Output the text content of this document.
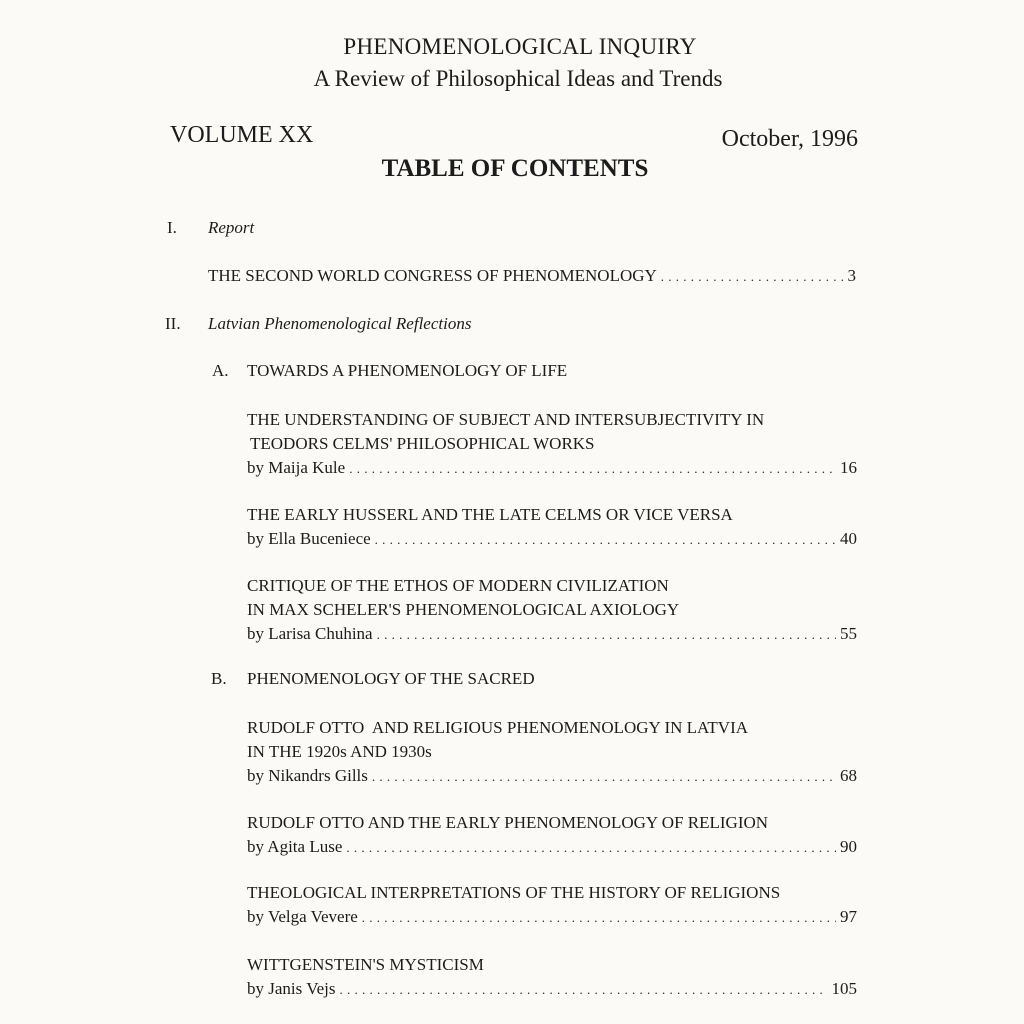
PHENOMENOLOGICAL INQUIRY
A Review of Philosophical Ideas and Trends
VOLUME XX	October, 1996
TABLE OF CONTENTS
I. Report
THE SECOND WORLD CONGRESS OF PHENOMENOLOGY . . .	3
II. Latvian Phenomenological Reflections
A. TOWARDS A PHENOMENOLOGY OF LIFE
THE UNDERSTANDING OF SUBJECT AND INTERSUBJECTIVITY IN
TEODORS CELMS' PHILOSOPHICAL WORKS
by Maija Kule . . .	16
THE EARLY HUSSERL AND THE LATE CELMS OR VICE VERSA
by Ella Buceniece . . .	40
CRITIQUE OF THE ETHOS OF MODERN CIVILIZATION
IN MAX SCHELER'S PHENOMENOLOGICAL AXIOLOGY
by Larisa Chuhina . . .	55
B. PHENOMENOLOGY OF THE SACRED
RUDOLF OTTO  AND RELIGIOUS PHENOMENOLOGY IN LATVIA
IN THE 1920s AND 1930s
by Nikandrs Gills . . .	68
RUDOLF OTTO AND THE EARLY PHENOMENOLOGY OF RELIGION
by Agita Luse . . .	90
THEOLOGICAL INTERPRETATIONS OF THE HISTORY OF RELIGIONS
by Velga Vevere . . .	97
WITTGENSTEIN'S MYSTICISM
by Janis Vejs . . .	105
